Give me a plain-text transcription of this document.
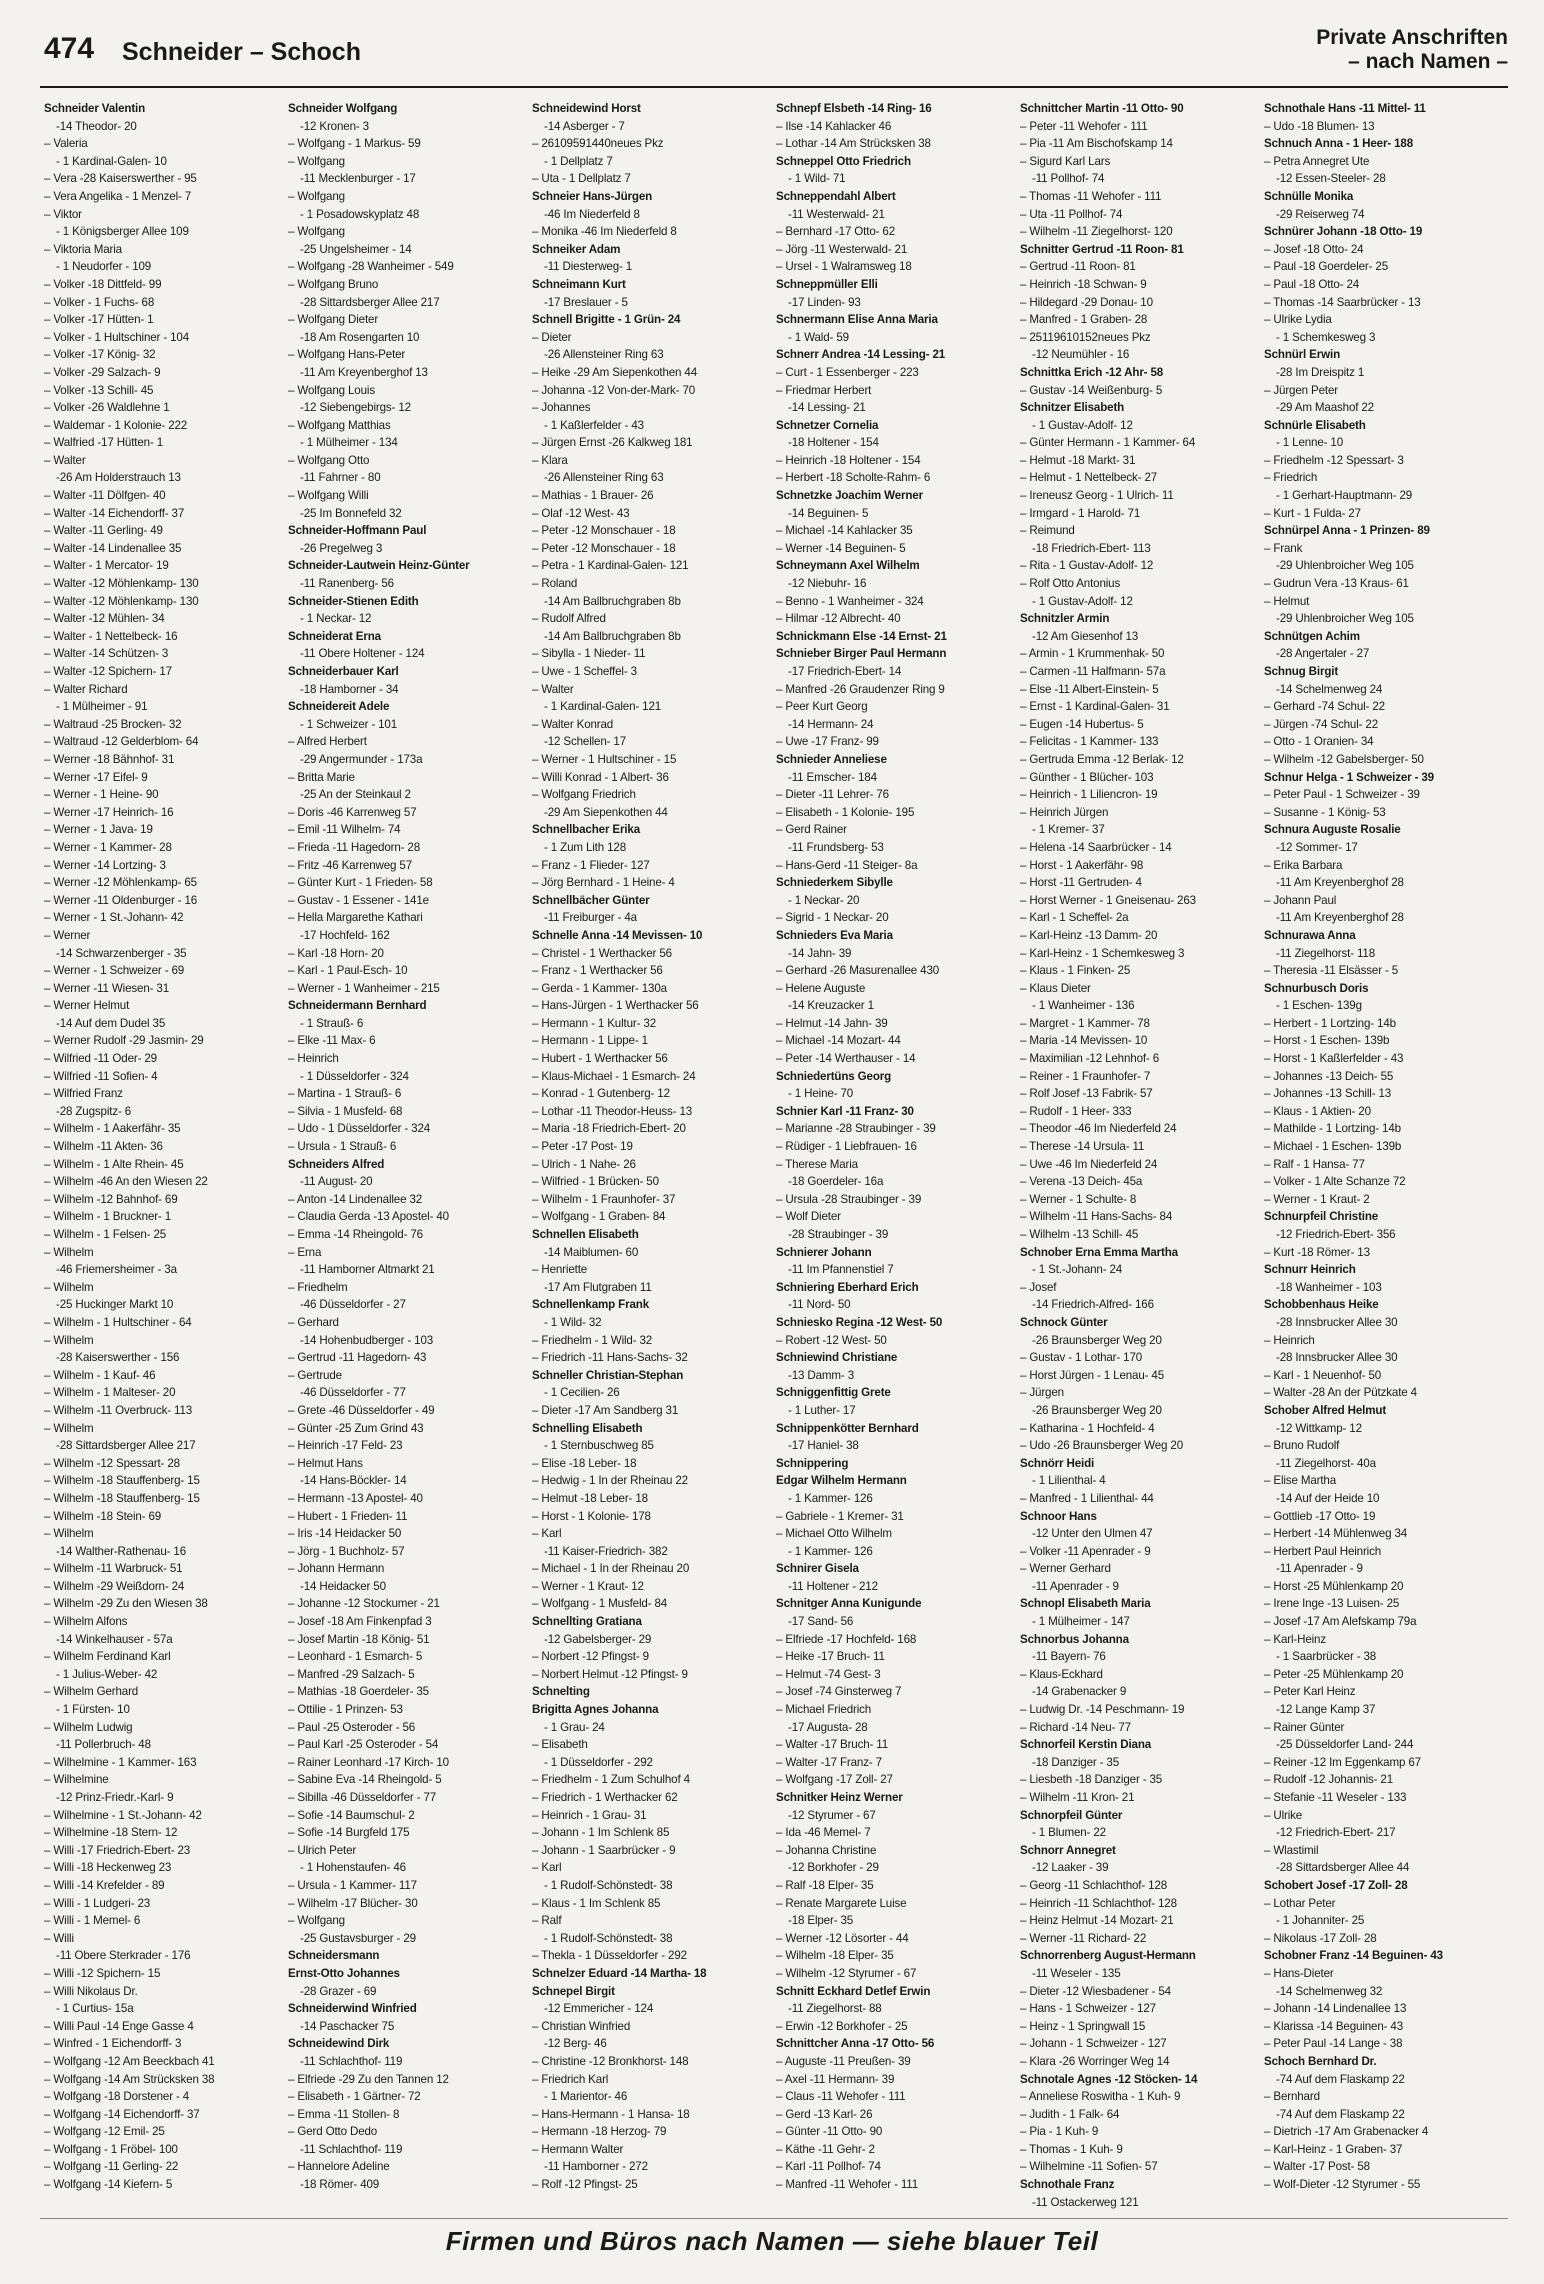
474 Schneider – Schoch
Private Anschriften
– nach Namen –
Schneider Valentin
-14 Theodor- 20
– Valeria
- 1 Kardinal-Galen- 10
– Vera -28 Kaiserswerther - 95
– Vera Angelika - 1 Menzel- 7
– Viktor
- 1 Königsberger Allee 109
– Viktoria Maria
- 1 Neudorfer - 109
– Volker -18 Dittfeld- 99
– Volker - 1 Fuchs- 68
– Volker -17 Hütten- 1
– Volker - 1 Hultschiner - 104
– Volker -17 König- 32
– Volker -29 Salzach- 9
– Volker -13 Schill- 45
– Volker -26 Waldlehne 1
– Waldemar - 1 Kolonie- 222
– Walfried -17 Hütten- 1
– Walter
-26 Am Holderstrauch 13
– Walter -11 Dölfgen- 40
– Walter -14 Eichendorff- 37
– Walter -11 Gerling- 49
– Walter -14 Lindenallee 35
– Walter - 1 Mercator- 19
– Walter -12 Möhlenkamp- 130
– Walter -12 Möhlenkamp- 130
– Walter -12 Mühlen- 34
– Walter - 1 Nettelbeck- 16
– Walter -14 Schützen- 3
– Walter -12 Spichern- 17
– Walter Richard
- 1 Mülheimer - 91
– Waltraud -25 Brocken- 32
– Waltraud -12 Gelderblom- 64
– Werner -18 Bähnhof- 31
– Werner -17 Eifel- 9
– Werner - 1 Heine- 90
– Werner -17 Heinrich- 16
– Werner - 1 Java- 19
– Werner - 1 Kammer- 28
– Werner -14 Lortzing- 3
– Werner -12 Möhlenkamp- 65
– Werner -11 Oldenburger - 16
– Werner - 1 St.-Johann- 42
– Werner
-14 Schwarzenberger - 35
– Werner - 1 Schweizer - 69
– Werner -11 Wiesen- 31
– Werner Helmut
-14 Auf dem Dudel 35
– Werner Rudolf -29 Jasmin- 29
– Wilfried -11 Oder- 29
– Wilfried -11 Sofien- 4
– Wilfried Franz
-28 Zugspitz- 6
– Wilhelm - 1 Aakerfähr- 35
– Wilhelm -11 Akten- 36
– Wilhelm - 1 Alte Rhein- 45
– Wilhelm -46 An den Wiesen 22
– Wilhelm -12 Bahnhof- 69
– Wilhelm - 1 Bruckner- 1
– Wilhelm - 1 Felsen- 25
– Wilhelm
-46 Friemersheimer - 3a
– Wilhelm
-25 Huckinger Markt 10
– Wilhelm - 1 Hultschiner - 64
– Wilhelm
-28 Kaiserswerther - 156
– Wilhelm - 1 Kauf- 46
– Wilhelm - 1 Malteser- 20
– Wilhelm -11 Overbruck- 113
– Wilhelm
-28 Sittardsberger Allee 217
– Wilhelm -12 Spessart- 28
– Wilhelm -18 Stauffenberg- 15
– Wilhelm -18 Stauffenberg- 15
– Wilhelm -18 Stein- 69
– Wilhelm
-14 Walther-Rathenau- 16
– Wilhelm -11 Warbruck- 51
– Wilhelm -29 Weißdorn- 24
– Wilhelm -29 Zu den Wiesen 38
– Wilhelm Alfons
-14 Winkelhauser - 57a
– Wilhelm Ferdinand Karl
- 1 Julius-Weber- 42
– Wilhelm Gerhard
- 1 Fürsten- 10
– Wilhelm Ludwig
-11 Pollerbruch- 48
– Wilhelmine - 1 Kammer- 163
– Wilhelmine
-12 Prinz-Friedr.-Karl- 9
– Wilhelmine - 1 St.-Johann- 42
– Wilhelmine -18 Stern- 12
– Willi -17 Friedrich-Ebert- 23
– Willi -18 Heckenweg 23
– Willi -14 Krefelder - 89
– Willi - 1 Ludgeri- 23
– Willi - 1 Memel- 6
– Willi
-11 Obere Sterkrader - 176
– Willi -12 Spichern- 15
– Willi Nikolaus Dr.
- 1 Curtius- 15a
– Willi Paul -14 Enge Gasse 4
– Winfred - 1 Eichendorff- 3
– Wolfgang -12 Am Beeckbach 41
– Wolfgang -14 Am Strücksken 38
– Wolfgang -18 Dorstener - 4
– Wolfgang -14 Eichendorff- 37
– Wolfgang -12 Emil- 25
– Wolfgang - 1 Fröbel- 100
– Wolfgang -11 Gerling- 22
– Wolfgang -14 Kiefern- 5
Schneider Wolfgang
-12 Kronen- 3
– Wolfgang - 1 Markus- 59
– Wolfgang
-11 Mecklenburger - 17
– Wolfgang
- 1 Posadowskyplatz 48
– Wolfgang
-25 Ungelsheimer - 14
– Wolfgang -28 Wanheimer - 549
– Wolfgang Bruno
-28 Sittardsberger Allee 217
– Wolfgang Dieter
-18 Am Rosengarten 10
– Wolfgang Hans-Peter
-11 Am Kreyenberghof 13
– Wolfgang Louis
-12 Siebengebirgs- 12
– Wolfgang Matthias
- 1 Mülheimer - 134
– Wolfgang Otto
-11 Fahrner - 80
– Wolfgang Willi
-25 Im Bonnefeld 32
Schneider-Hoffmann Paul
-26 Pregelweg 3
Schneider-Lautwein Heinz-Günter
-11 Ranenberg- 56
Schneider-Stienen Edith
- 1 Neckar- 12
Schneiderat Erna
-11 Obere Holtener - 124
Schneiderbauer Karl
-18 Hamborner - 34
Schneidereit Adele
- 1 Schweizer - 101
– Alfred Herbert
-29 Angermunder - 173a
– Britta Marie
-25 An der Steinkaul 2
– Doris -46 Karrenweg 57
– Emil -11 Wilhelm- 74
– Frieda -11 Hagedorn- 28
– Fritz -46 Karrenweg 57
– Günter Kurt - 1 Frieden- 58
– Gustav - 1 Essener - 141e
– Hella Margarethe Kathari
-17 Hochfeld- 162
– Karl -18 Horn- 20
– Karl - 1 Paul-Esch- 10
– Werner - 1 Wanheimer - 215
Schneidermann Bernhard
- 1 Strauß- 6
– Elke -11 Max- 6
– Heinrich
- 1 Düsseldorfer - 324
– Martina - 1 Strauß- 6
– Silvia - 1 Musfeld- 68
– Udo - 1 Düsseldorfer - 324
– Ursula - 1 Strauß- 6
Schneiders Alfred
-11 August- 20
– Anton -14 Lindenallee 32
– Claudia Gerda -13 Apostel- 40
– Emma -14 Rheingold- 76
– Erna
-11 Hamborner Altmarkt 21
– Friedhelm
-46 Düsseldorfer - 27
– Gerhard
-14 Hohenbudberger - 103
– Gertrud -11 Hagedorn- 43
– Gertrude
-46 Düsseldorfer - 77
– Grete -46 Düsseldorfer - 49
– Günter -25 Zum Grind 43
– Heinrich -17 Feld- 23
– Helmut Hans
-14 Hans-Böckler- 14
– Hermann -13 Apostel- 40
– Hubert - 1 Frieden- 11
– Iris -14 Heidacker 50
– Jörg - 1 Buchholz- 57
– Johann Hermann
-14 Heidacker 50
– Johanne -12 Stockumer - 21
– Josef -18 Am Finkenpfad 3
– Josef Martin -18 König- 51
– Leonhard - 1 Esmarch- 5
– Manfred -29 Salzach- 5
– Mathias -18 Goerdeler- 35
– Ottilie - 1 Prinzen- 53
– Paul -25 Osteroder - 56
– Paul Karl -25 Osteroder - 54
– Rainer Leonhard -17 Kirch- 10
– Sabine Eva -14 Rheingold- 5
– Sibilla -46 Düsseldorfer - 77
– Sofie -14 Baumschul- 2
– Sofie -14 Burgfeld 175
– Ulrich Peter
- 1 Hohenstaufen- 46
– Ursula - 1 Kammer- 117
– Wilhelm -17 Blücher- 30
– Wolfgang
-25 Gustavsburger - 29
Schneidersmann
Ernst-Otto Johannes
-28 Grazer - 69
Schneiderwind Winfried
-14 Paschacker 75
Schneidewind Dirk
-11 Schlachthof- 119
– Elfriede -29 Zu den Tannen 12
– Elisabeth - 1 Gärtner- 72
– Emma -11 Stollen- 8
– Gerd Otto Dedo
-11 Schlachthof- 119
– Hannelore Adeline
-18 Römer- 409
Schneidewind Horst
-14 Asberger - 7
– 26109591440neues Pkz
- 1 Dellplatz 7
– Uta - 1 Dellplatz 7
Schneier Hans-Jürgen
-46 Im Niederfeld 8
– Monika -46 Im Niederfeld 8
Schneiker Adam
-11 Diesterweg- 1
Schneimann Kurt
-17 Breslauer - 5
Schnell Brigitte - 1 Grün- 24
– Dieter
-26 Allensteiner Ring 63
– Heike -29 Am Siepenkothen 44
– Johanna -12 Von-der-Mark- 70
– Johannes
- 1 Kaßlerfelder - 43
– Jürgen Ernst -26 Kalkweg 181
– Klara
-26 Allensteiner Ring 63
– Mathias - 1 Brauer- 26
– Olaf -12 West- 43
– Peter -12 Monschauer - 18
– Peter -12 Monschauer - 18
– Petra - 1 Kardinal-Galen- 121
– Roland
-14 Am Ballbruchgraben 8b
– Rudolf Alfred
-14 Am Ballbruchgraben 8b
– Sibylla - 1 Nieder- 11
– Uwe - 1 Scheffel- 3
– Walter
- 1 Kardinal-Galen- 121
– Walter Konrad
-12 Schellen- 17
– Werner - 1 Hultschiner - 15
– Willi Konrad - 1 Albert- 36
– Wolfgang Friedrich
-29 Am Siepenkothen 44
Schnellbacher Erika
- 1 Zum Lith 128
– Franz - 1 Flieder- 127
– Jörg Bernhard - 1 Heine- 4
Schnellbächer Günter
-11 Freiburger - 4a
Schnelle Anna -14 Mevissen- 10
– Christel - 1 Werthacker 56
– Franz - 1 Werthacker 56
– Gerda - 1 Kammer- 130a
– Hans-Jürgen - 1 Werthacker 56
– Hermann - 1 Kultur- 32
– Hermann - 1 Lippe- 1
– Hubert - 1 Werthacker 56
– Klaus-Michael - 1 Esmarch- 24
– Konrad - 1 Gutenberg- 12
– Lothar -11 Theodor-Heuss- 13
– Maria -18 Friedrich-Ebert- 20
– Peter -17 Post- 19
– Ulrich - 1 Nahe- 26
– Wilfried - 1 Brücken- 50
– Wilhelm - 1 Fraunhofer- 37
– Wolfgang - 1 Graben- 84
Schnellen Elisabeth
-14 Maiblumen- 60
– Henriette
-17 Am Flutgraben 11
Schnellenkamp Frank
- 1 Wild- 32
– Friedhelm - 1 Wild- 32
– Friedrich -11 Hans-Sachs- 32
Schneller Christian-Stephan
- 1 Cecilien- 26
– Dieter -17 Am Sandberg 31
Schnelling Elisabeth
- 1 Sternbuschweg 85
– Elise -18 Leber- 18
– Hedwig - 1 In der Rheinau 22
– Helmut -18 Leber- 18
– Horst - 1 Kolonie- 178
– Karl
-11 Kaiser-Friedrich- 382
– Michael - 1 In der Rheinau 20
– Werner - 1 Kraut- 12
– Wolfgang - 1 Musfeld- 84
Schnellting Gratiana
-12 Gabelsberger- 29
– Norbert -12 Pfingst- 9
– Norbert Helmut -12 Pfingst- 9
Schnelting
Brigitta Agnes Johanna
- 1 Grau- 24
– Elisabeth
- 1 Düsseldorfer - 292
– Friedhelm - 1 Zum Schulhof 4
– Friedrich - 1 Werthacker 62
– Heinrich - 1 Grau- 31
– Johann - 1 Im Schlenk 85
– Johann - 1 Saarbrücker - 9
– Karl
- 1 Rudolf-Schönstedt- 38
– Klaus - 1 Im Schlenk 85
– Ralf
- 1 Rudolf-Schönstedt- 38
– Thekla - 1 Düsseldorfer - 292
Schnelzer Eduard -14 Martha- 18
Schnepel Birgit
-12 Emmericher - 124
– Christian Winfried
-12 Berg- 46
– Christine -12 Bronkhorst- 148
– Friedrich Karl
- 1 Marientor- 46
– Hans-Hermann - 1 Hansa- 18
– Hermann -18 Herzog- 79
– Hermann Walter
-11 Hamborner - 272
– Rolf -12 Pfingst- 25
Schnepf Elsbeth -14 Ring- 16
– Ilse -14 Kahlacker 46
– Lothar -14 Am Strücksken 38
Schneppel Otto Friedrich
- 1 Wild- 71
Schneppendahl Albert
-11 Westerwald- 21
– Bernhard -17 Otto- 62
– Jörg -11 Westerwald- 21
– Ursel - 1 Walramsweg 18
Schneppmüller Elli
-17 Linden- 93
Schnermann Elise Anna Maria
- 1 Wald- 59
Schnerr Andrea -14 Lessing- 21
– Curt - 1 Essenberger - 223
– Friedmar Herbert
-14 Lessing- 21
Schnetzer Cornelia
-18 Holtener - 154
– Heinrich -18 Holtener - 154
– Herbert -18 Scholte-Rahm- 6
Schnetzke Joachim Werner
-14 Beguinen- 5
– Michael -14 Kahlacker 35
– Werner -14 Beguinen- 5
Schneymann Axel Wilhelm
-12 Niebuhr- 16
– Benno - 1 Wanheimer - 324
– Hilmar -12 Albrecht- 40
Schnickmann Else -14 Ernst- 21
Schnieber Birger Paul Hermann
-17 Friedrich-Ebert- 14
– Manfred -26 Graudenzer Ring 9
– Peer Kurt Georg
-14 Hermann- 24
– Uwe -17 Franz- 99
Schnieder Anneliese
-11 Emscher- 184
– Dieter -11 Lehrer- 76
– Elisabeth - 1 Kolonie- 195
– Gerd Rainer
-11 Frundsberg- 53
– Hans-Gerd -11 Steiger- 8a
Schniederkem Sibylle
- 1 Neckar- 20
– Sigrid - 1 Neckar- 20
Schnieders Eva Maria
-14 Jahn- 39
– Gerhard -26 Masurenallee 430
– Helene Auguste
-14 Kreuzacker 1
– Helmut -14 Jahn- 39
– Michael -14 Mozart- 44
– Peter -14 Werthauser - 14
Schniedertüns Georg
- 1 Heine- 70
Schnier Karl -11 Franz- 30
– Marianne -28 Straubinger - 39
– Rüdiger - 1 Liebfrauen- 16
– Therese Maria
-18 Goerdeler- 16a
– Ursula -28 Straubinger - 39
– Wolf Dieter
-28 Straubinger - 39
Schnierer Johann
-11 Im Pfannenstiel 7
Schniering Eberhard Erich
-11 Nord- 50
Schniesko Regina -12 West- 50
– Robert -12 West- 50
Schniewind Christiane
-13 Damm- 3
Schniggenfittig Grete
- 1 Luther- 17
Schnippenkötter Bernhard
-17 Haniel- 38
Schnippering
Edgar Wilhelm Hermann
- 1 Kammer- 126
– Gabriele - 1 Kremer- 31
– Michael Otto Wilhelm
- 1 Kammer- 126
Schnirer Gisela
-11 Holtener - 212
Schnitger Anna Kunigunde
-17 Sand- 56
– Elfriede -17 Hochfeld- 168
– Heike -17 Bruch- 11
– Helmut -74 Gest- 3
– Josef -74 Ginsterweg 7
– Michael Friedrich
-17 Augusta- 28
– Walter -17 Bruch- 11
– Walter -17 Franz- 7
– Wolfgang -17 Zoll- 27
Schnitker Heinz Werner
-12 Styrumer - 67
– Ida -46 Memel- 7
– Johanna Christine
-12 Borkhofer - 29
– Ralf -18 Elper- 35
– Renate Margarete Luise
-18 Elper- 35
– Werner -12 Lösorter - 44
– Wilhelm -18 Elper- 35
– Wilhelm -12 Styrumer - 67
Schnitt Eckhard Detlef Erwin
-11 Ziegelhorst- 88
– Erwin -12 Borkhofer - 25
Schnittcher Anna -17 Otto- 56
– Auguste -11 Preußen- 39
– Axel -11 Hermann- 39
– Claus -11 Wehofer - 111
– Gerd -13 Karl- 26
– Günter -11 Otto- 90
– Käthe -11 Gehr- 2
– Karl -11 Pollhof- 74
– Manfred -11 Wehofer - 111
Schnittcher Martin -11 Otto- 90
– Peter -11 Wehofer - 111
– Pia -11 Am Bischofskamp 14
– Sigurd Karl Lars
-11 Pollhof- 74
– Thomas -11 Wehofer - 111
– Uta -11 Pollhof- 74
– Wilhelm -11 Ziegelhorst- 120
Schnitter Gertrud -11 Roon- 81
– Gertrud -11 Roon- 81
– Heinrich -18 Schwan- 9
– Hildegard -29 Donau- 10
– Manfred - 1 Graben- 28
– 25119610152neues Pkz
-12 Neumühler - 16
Schnittka Erich -12 Ahr- 58
– Gustav -14 Weißenburg- 5
Schnitzer Elisabeth
- 1 Gustav-Adolf- 12
– Günter Hermann - 1 Kammer- 64
– Helmut -18 Markt- 31
– Helmut - 1 Nettelbeck- 27
– Ireneusz Georg - 1 Ulrich- 11
– Irmgard - 1 Harold- 71
– Reimund
-18 Friedrich-Ebert- 113
– Rita - 1 Gustav-Adolf- 12
– Rolf Otto Antonius
- 1 Gustav-Adolf- 12
Schnitzler Armin
-12 Am Giesenhof 13
– Armin - 1 Krummenhak- 50
– Carmen -11 Halfmann- 57a
– Else -11 Albert-Einstein- 5
– Ernst - 1 Kardinal-Galen- 31
– Eugen -14 Hubertus- 5
– Felicitas - 1 Kammer- 133
– Gertruda Emma -12 Berlak- 12
– Günther - 1 Blücher- 103
– Heinrich - 1 Liliencron- 19
– Heinrich Jürgen
- 1 Kremer- 37
– Helena -14 Saarbrücker - 14
– Horst - 1 Aakerfähr- 98
– Horst -11 Gertruden- 4
– Horst Werner - 1 Gneisenau- 263
– Karl - 1 Scheffel- 2a
– Karl-Heinz -13 Damm- 20
– Karl-Heinz - 1 Schemkesweg 3
– Klaus - 1 Finken- 25
– Klaus Dieter
- 1 Wanheimer - 136
– Margret - 1 Kammer- 78
– Maria -14 Mevissen- 10
– Maximilian -12 Lehnhof- 6
– Reiner - 1 Fraunhofer- 7
– Rolf Josef -13 Fabrik- 57
– Rudolf - 1 Heer- 333
– Theodor -46 Im Niederfeld 24
– Therese -14 Ursula- 11
– Uwe -46 Im Niederfeld 24
– Verena -13 Deich- 45a
– Werner - 1 Schulte- 8
– Wilhelm -11 Hans-Sachs- 84
– Wilhelm -13 Schill- 45
Schnober Erna Emma Martha
- 1 St.-Johann- 24
– Josef
-14 Friedrich-Alfred- 166
Schnock Günter
-26 Braunsberger Weg 20
– Gustav - 1 Lothar- 170
– Horst Jürgen - 1 Lenau- 45
– Jürgen
-26 Braunsberger Weg 20
– Katharina - 1 Hochfeld- 4
– Udo -26 Braunsberger Weg 20
Schnörr Heidi
- 1 Lilienthal- 4
– Manfred - 1 Lilienthal- 44
Schnoor Hans
-12 Unter den Ulmen 47
– Volker -11 Apenrader - 9
– Werner Gerhard
-11 Apenrader - 9
Schnopl Elisabeth Maria
- 1 Mülheimer - 147
Schnorbus Johanna
-11 Bayern- 76
– Klaus-Eckhard
-14 Grabenacker 9
– Ludwig Dr. -14 Peschmann- 19
– Richard -14 Neu- 77
Schnorfeil Kerstin Diana
-18 Danziger - 35
– Liesbeth -18 Danziger - 35
– Wilhelm -11 Kron- 21
Schnorpfeil Günter
- 1 Blumen- 22
Schnorr Annegret
-12 Laaker - 39
– Georg -11 Schlachthof- 128
– Heinrich -11 Schlachthof- 128
– Heinz Helmut -14 Mozart- 21
– Werner -11 Richard- 22
Schnorrenberg August-Hermann
-11 Weseler - 135
– Dieter -12 Wiesbadener - 54
– Hans - 1 Schweizer - 127
– Heinz - 1 Springwall 15
– Johann - 1 Schweizer - 127
– Klara -26 Worringer Weg 14
Schnotale Agnes -12 Stöcken- 14
– Anneliese Roswitha - 1 Kuh- 9
– Judith - 1 Falk- 64
– Pia - 1 Kuh- 9
– Thomas - 1 Kuh- 9
– Wilhelmine -11 Sofien- 57
Schnothale Franz
-11 Ostackerweg 121
Schnothale Hans -11 Mittel- 11
– Udo -18 Blumen- 13
Schnuch Anna - 1 Heer- 188
– Petra Annegret Ute
-12 Essen-Steeler- 28
Schnülle Monika
-29 Reiserweg 74
Schnürer Johann -18 Otto- 19
– Josef -18 Otto- 24
– Paul -18 Goerdeler- 25
– Paul -18 Otto- 24
– Thomas -14 Saarbrücker - 13
– Ulrike Lydia
- 1 Schemkesweg 3
Schnürl Erwin
-28 Im Dreispitz 1
– Jürgen Peter
-29 Am Maashof 22
Schnürle Elisabeth
- 1 Lenne- 10
– Friedhelm -12 Spessart- 3
– Friedrich
- 1 Gerhart-Hauptmann- 29
– Kurt - 1 Fulda- 27
Schnürpel Anna - 1 Prinzen- 89
– Frank
-29 Uhlenbroicher Weg 105
– Gudrun Vera -13 Kraus- 61
– Helmut
-29 Uhlenbroicher Weg 105
Schnütgen Achim
-28 Angertaler - 27
Schnug Birgit
-14 Schelmenweg 24
– Gerhard -74 Schul- 22
– Jürgen -74 Schul- 22
– Otto - 1 Oranien- 34
– Wilhelm -12 Gabelsberger- 50
Schnur Helga - 1 Schweizer - 39
– Peter Paul - 1 Schweizer - 39
– Susanne - 1 König- 53
Schnura Auguste Rosalie
-12 Sommer- 17
– Erika Barbara
-11 Am Kreyenberghof 28
– Johann Paul
-11 Am Kreyenberghof 28
Schnurawa Anna
-11 Ziegelhorst- 118
– Theresia -11 Elsässer - 5
Schnurbusch Doris
- 1 Eschen- 139g
– Herbert - 1 Lortzing- 14b
– Horst - 1 Eschen- 139b
– Horst - 1 Kaßlerfelder - 43
– Johannes -13 Deich- 55
– Johannes -13 Schill- 13
– Klaus - 1 Aktien- 20
– Mathilde - 1 Lortzing- 14b
– Michael - 1 Eschen- 139b
– Ralf - 1 Hansa- 77
– Volker - 1 Alte Schanze 72
– Werner - 1 Kraut- 2
Schnurpfeil Christine
-12 Friedrich-Ebert- 356
– Kurt -18 Römer- 13
Schnurr Heinrich
-18 Wanheimer - 103
Schobbenhaus Heike
-28 Innsbrucker Allee 30
– Heinrich
-28 Innsbrucker Allee 30
– Karl - 1 Neuenhof- 50
– Walter -28 An der Pützkate 4
Schober Alfred Helmut
-12 Wittkamp- 12
– Bruno Rudolf
-11 Ziegelhorst- 40a
– Elise Martha
-14 Auf der Heide 10
– Gottlieb -17 Otto- 19
– Herbert -14 Mühlenweg 34
– Herbert Paul Heinrich
-11 Apenrader - 9
– Horst -25 Mühlenkamp 20
– Irene Inge -13 Luisen- 25
– Josef -17 Am Alefskamp 79a
– Karl-Heinz
- 1 Saarbrücker - 38
– Peter -25 Mühlenkamp 20
– Peter Karl Heinz
-12 Lange Kamp 37
– Rainer Günter
-25 Düsseldorfer Land- 244
– Reiner -12 Im Eggenkamp 67
– Rudolf -12 Johannis- 21
– Stefanie -11 Weseler - 133
– Ulrike
-12 Friedrich-Ebert- 217
– Wlastimil
-28 Sittardsberger Allee 44
Schobert Josef -17 Zoll- 28
– Lothar Peter
- 1 Johanniter- 25
– Nikolaus -17 Zoll- 28
Schobner Franz -14 Beguinen- 43
– Hans-Dieter
-14 Schelmenweg 32
– Johann -14 Lindenallee 13
– Klarissa -14 Beguinen- 43
– Peter Paul -14 Lange - 38
Schoch Bernhard Dr.
-74 Auf dem Flaskamp 22
– Bernhard
-74 Auf dem Flaskamp 22
– Dietrich -17 Am Grabenacker 4
– Karl-Heinz - 1 Graben- 37
– Walter -17 Post- 58
– Wolf-Dieter -12 Styrumer - 55
Firmen und Büros nach Namen — siehe blauer Teil
